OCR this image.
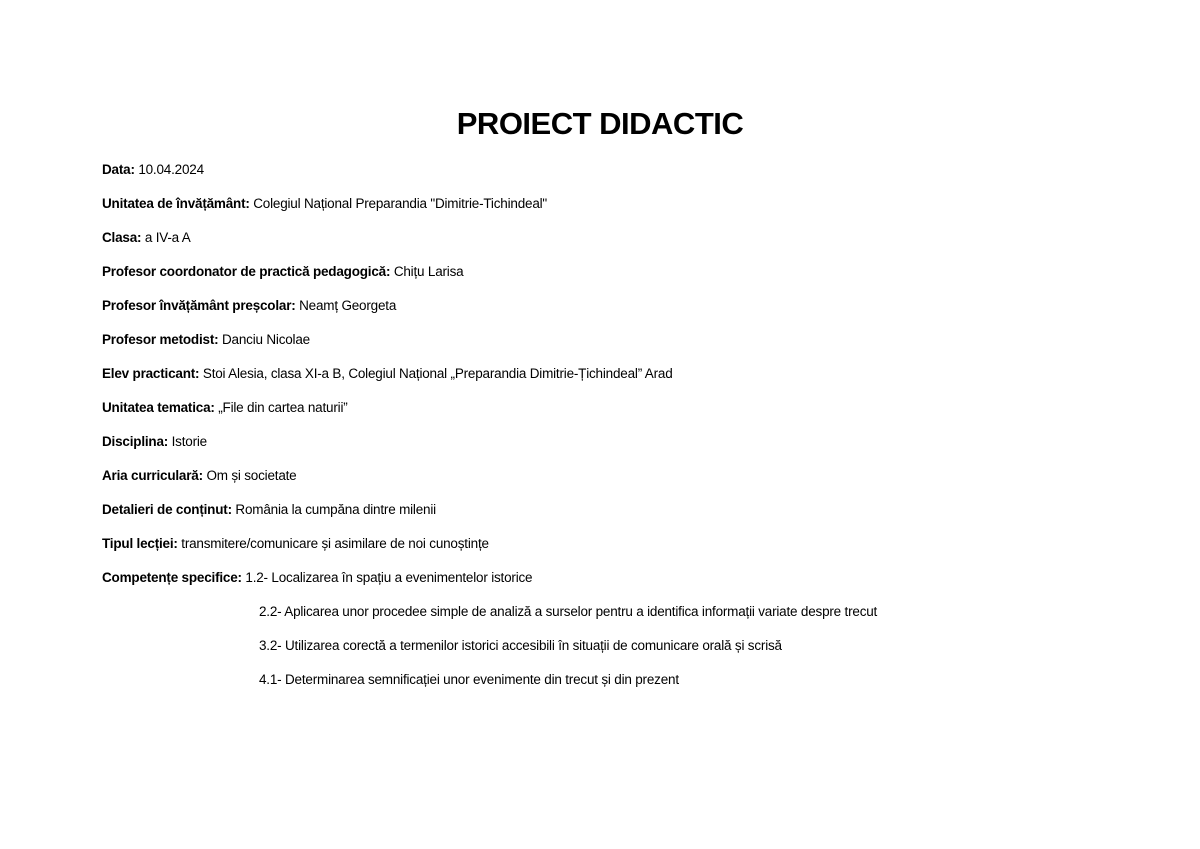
PROIECT DIDACTIC
Data: 10.04.2024
Unitatea de învățământ: Colegiul Național Preparandia "Dimitrie-Tichindeal"
Clasa: a IV-a A
Profesor coordonator de practică pedagogică: Chițu Larisa
Profesor învățământ preșcolar: Neamț Georgeta
Profesor metodist: Danciu Nicolae
Elev practicant: Stoi Alesia, clasa XI-a B, Colegiul Național „Preparandia Dimitrie-Țichindeal” Arad
Unitatea tematica: „File din cartea naturii”
Disciplina: Istorie
Aria curriculară: Om și societate
Detalieri de conținut: România la cumpăna dintre milenii
Tipul lecției: transmitere/comunicare și asimilare de noi cunoștințe
Competențe specifice: 1.2- Localizarea în spațiu a evenimentelor istorice
2.2- Aplicarea unor procedee simple de analiză a surselor pentru a identifica informații variate despre trecut
3.2- Utilizarea corectă a termenilor istorici accesibili în situații de comunicare orală și scrisă
4.1- Determinarea semnificației unor evenimente din trecut și din prezent
